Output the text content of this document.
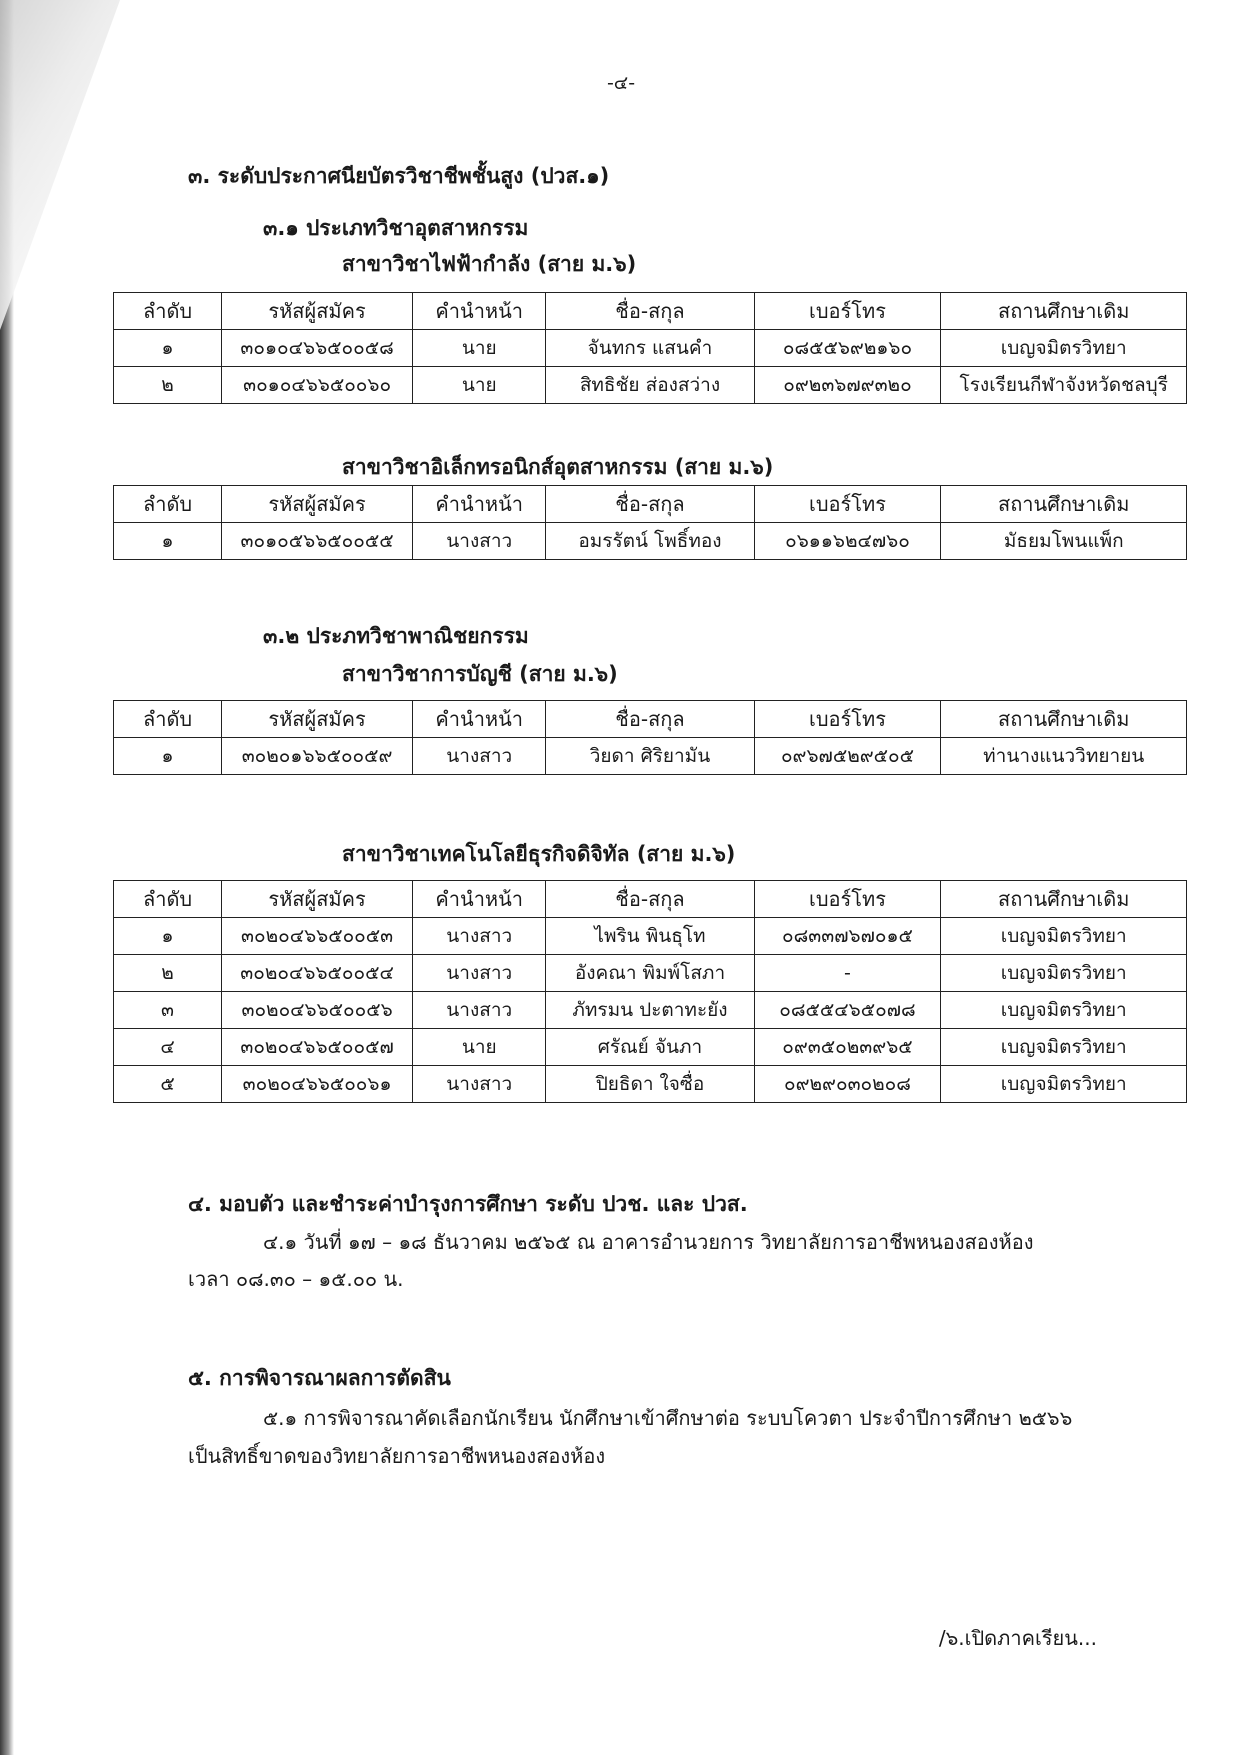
-๔-
๓. ระดับประกาศนียบัตรวิชาชีพชั้นสูง (ปวส.๑)
๓.๑ ประเภทวิชาอุตสาหกรรม
สาขาวิชาไฟฟ้ากำลัง (สาย ม.๖)
ลำดับ	รหัสผู้สมัคร	คำนำหน้า	ชื่อ-สกุล	เบอร์โทร	สถานศึกษาเดิม
๑	๓๐๑๐๔๖๖๕๐๐๕๘	นาย	จันทกร แสนคำ	๐๘๕๕๖๙๒๑๖๐	เบญจมิตรวิทยา
๒	๓๐๑๐๔๖๖๕๐๐๖๐	นาย	สิทธิชัย ส่องสว่าง	๐๙๒๓๖๗๙๓๒๐	โรงเรียนกีฬาจังหวัดชลบุรี
สาขาวิชาอิเล็กทรอนิกส์อุตสาหกรรม (สาย ม.๖)
ลำดับ	รหัสผู้สมัคร	คำนำหน้า	ชื่อ-สกุล	เบอร์โทร	สถานศึกษาเดิม
๑	๓๐๑๐๕๖๖๕๐๐๕๕	นางสาว	อมรรัตน์ โพธิ์ทอง	๐๖๑๑๖๒๔๗๖๐	มัธยมโพนแพ็ก
๓.๒ ประภทวิชาพาณิชยกรรม
สาขาวิชาการบัญชี (สาย ม.๖)
ลำดับ	รหัสผู้สมัคร	คำนำหน้า	ชื่อ-สกุล	เบอร์โทร	สถานศึกษาเดิม
๑	๓๐๒๐๑๖๖๕๐๐๕๙	นางสาว	วิยดา ศิริยามัน	๐๙๖๗๕๒๙๕๐๕	ท่านางแนววิทยายน
สาขาวิชาเทคโนโลยีธุรกิจดิจิทัล (สาย ม.๖)
ลำดับ	รหัสผู้สมัคร	คำนำหน้า	ชื่อ-สกุล	เบอร์โทร	สถานศึกษาเดิม
๑	๓๐๒๐๔๖๖๕๐๐๕๓	นางสาว	ไพริน พินธุโท	๐๘๓๓๗๖๗๐๑๕	เบญจมิตรวิทยา
๒	๓๐๒๐๔๖๖๕๐๐๕๔	นางสาว	อังคณา พิมพ์โสภา	-	เบญจมิตรวิทยา
๓	๓๐๒๐๔๖๖๕๐๐๕๖	นางสาว	ภัทรมน ปะตาทะยัง	๐๘๕๕๔๖๕๐๗๘	เบญจมิตรวิทยา
๔	๓๐๒๐๔๖๖๕๐๐๕๗	นาย	ศรัณย์ จันภา	๐๙๓๕๐๒๓๙๖๕	เบญจมิตรวิทยา
๕	๓๐๒๐๔๖๖๕๐๐๖๑	นางสาว	ปิยธิดา ใจซื่อ	๐๙๒๙๐๓๐๒๐๘	เบญจมิตรวิทยา
๔. มอบตัว และชำระค่าบำรุงการศึกษา ระดับ ปวช. และ ปวส.
๔.๑ วันที่ ๑๗ – ๑๘ ธันวาคม ๒๕๖๕ ณ อาคารอำนวยการ วิทยาลัยการอาชีพหนองสองห้อง
เวลา ๐๘.๓๐ – ๑๕.๐๐ น.
๕. การพิจารณาผลการตัดสิน
๕.๑ การพิจารณาคัดเลือกนักเรียน นักศึกษาเข้าศึกษาต่อ ระบบโควตา ประจำปีการศึกษา ๒๕๖๖
เป็นสิทธิ์ขาดของวิทยาลัยการอาชีพหนองสองห้อง
/๖.เปิดภาคเรียน...
